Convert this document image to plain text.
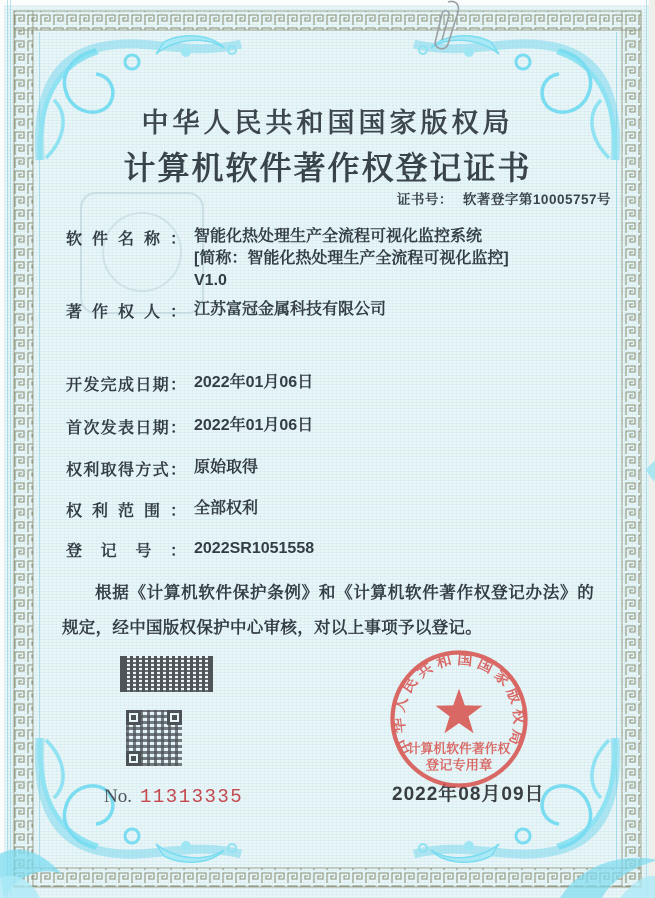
中华人民共和国国家版权局
计算机软件著作权登记证书
证书号： 软著登字第10005757号
软件名称： 智能化热处理生产全流程可视化监控系统
[简称：智能化热处理生产全流程可视化监控]
V1.0
著作权人： 江苏富冠金属科技有限公司
开发完成日期： 2022年01月06日
首次发表日期： 2022年01月06日
权利取得方式： 原始取得
权利范围： 全部权利
登记号： 2022SR1051558
根据《计算机软件保护条例》和《计算机软件著作权登记办法》的规定，经中国版权保护中心审核，对以上事项予以登记。
No. 11313335	2022年08月09日
中华人民共和国国家版权局
计算机软件著作权
登记专用章
